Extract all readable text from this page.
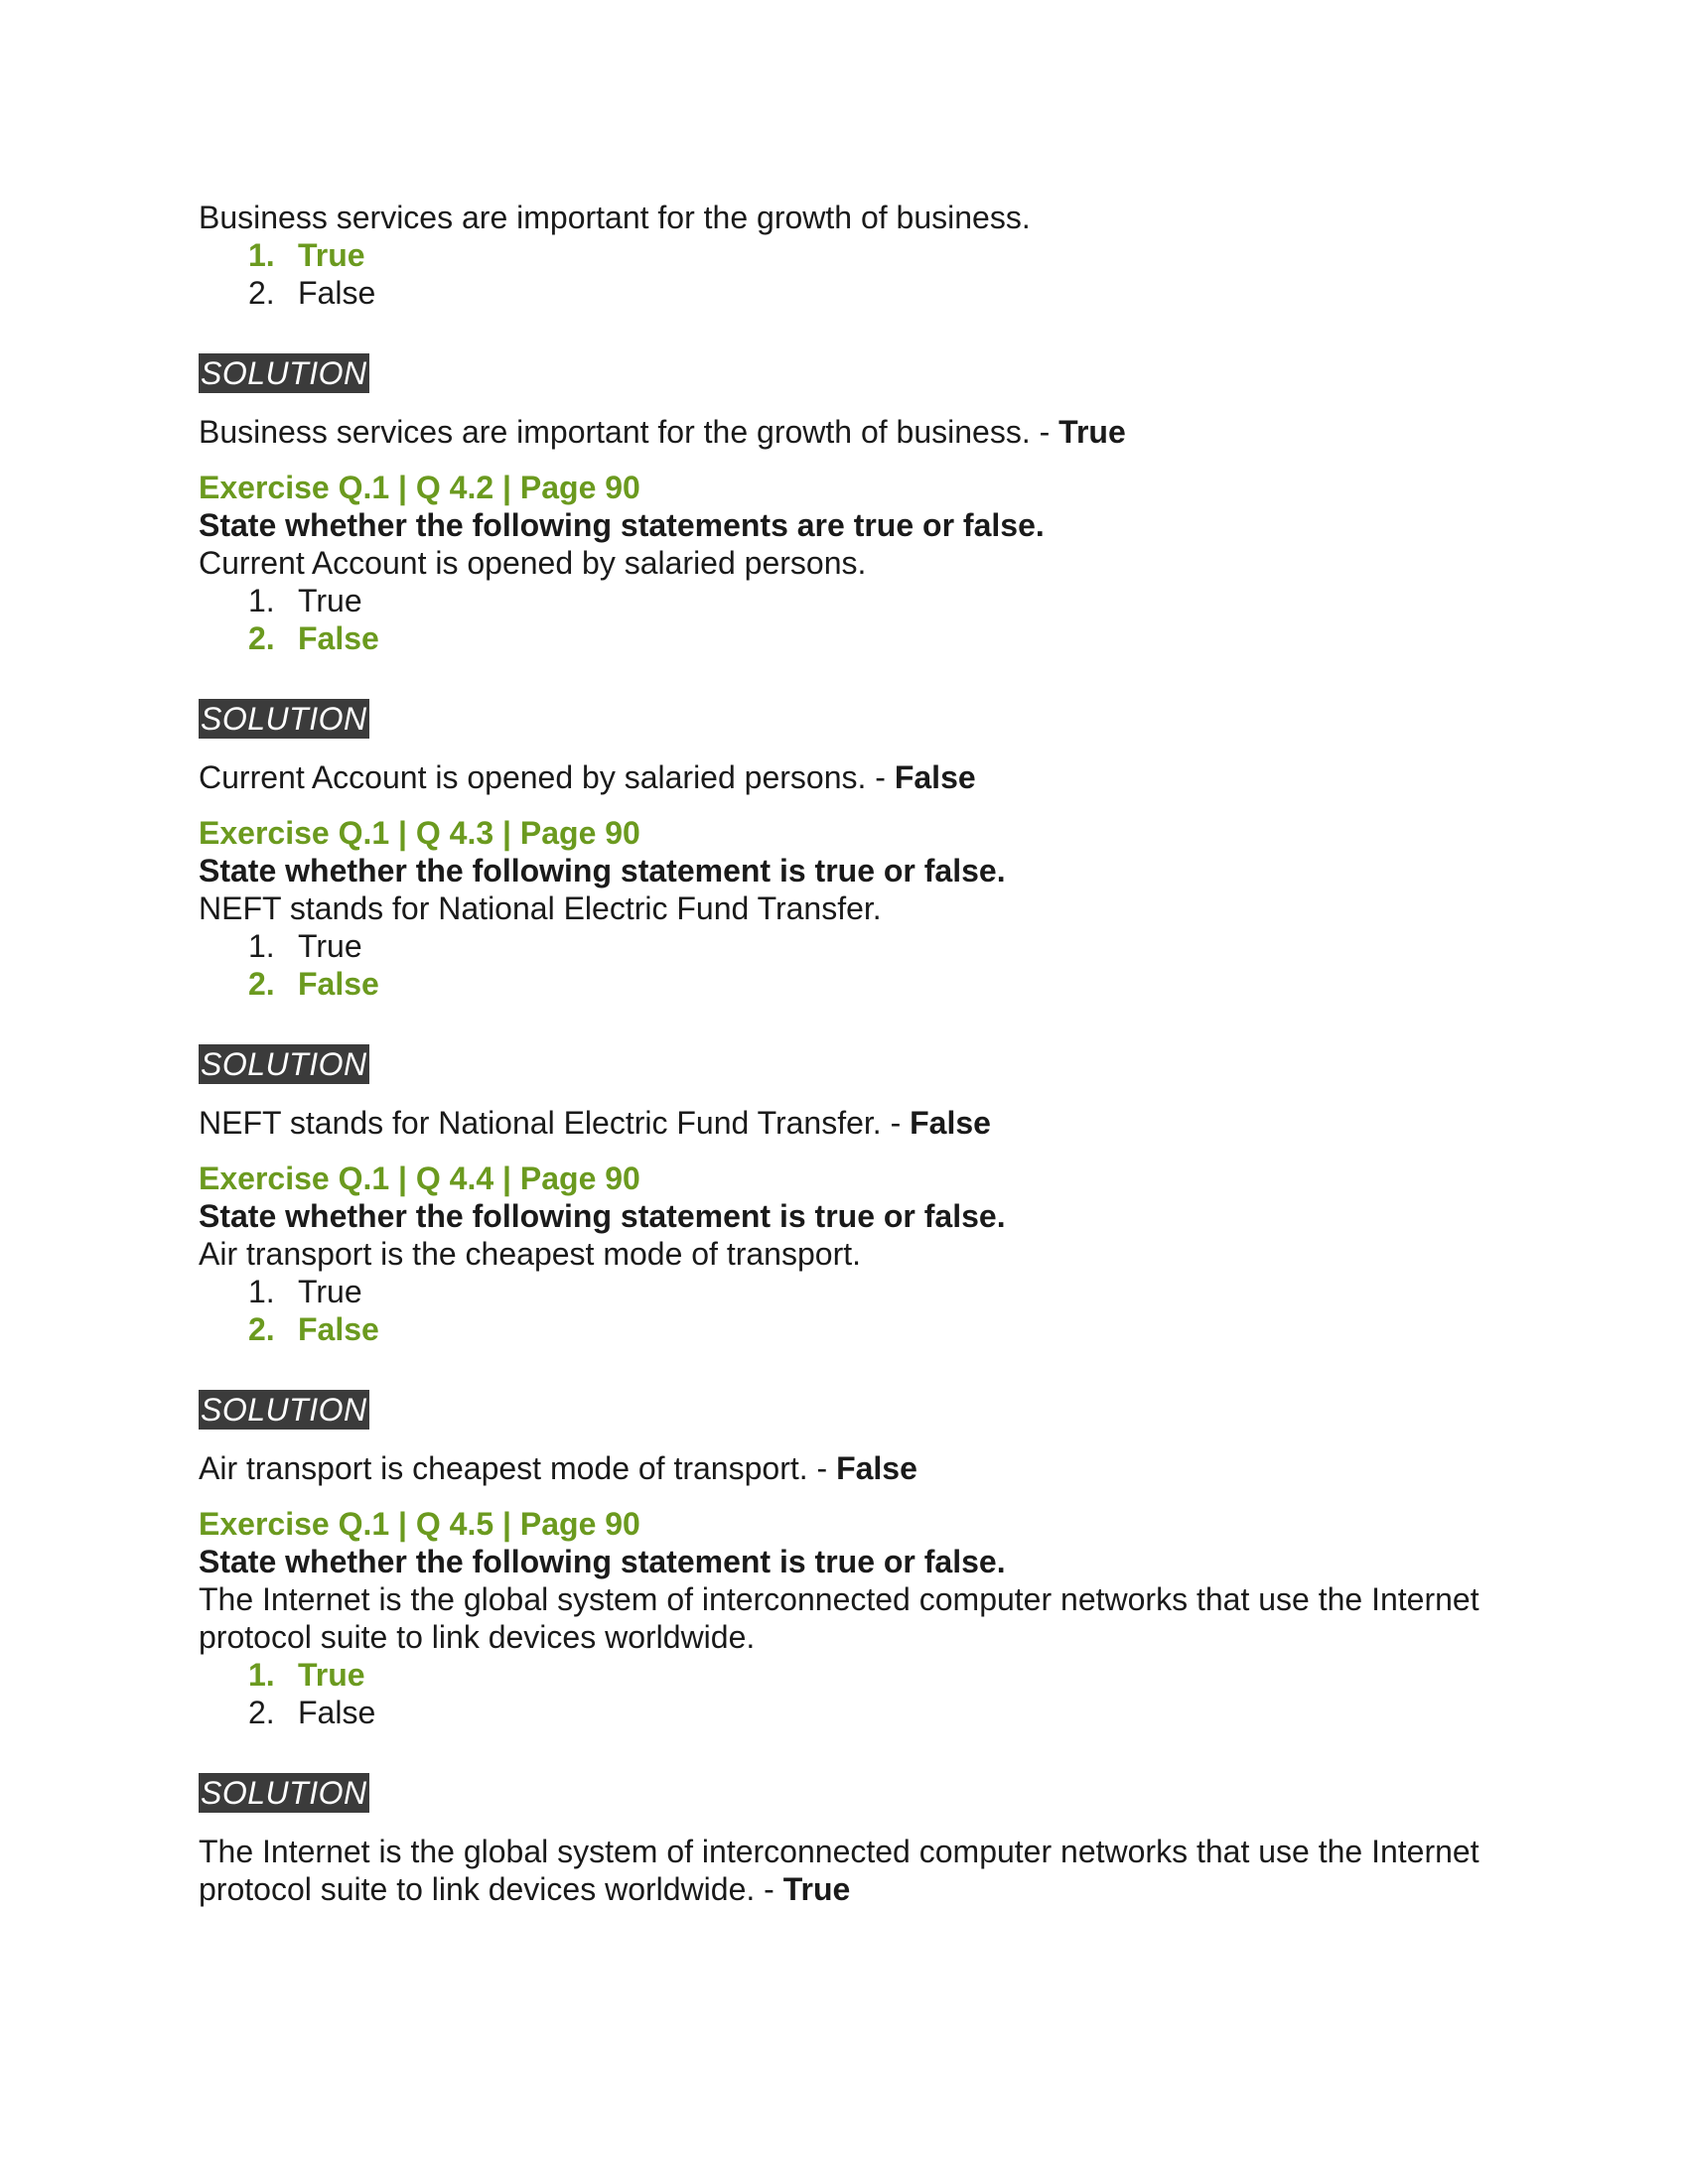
Business services are important for the growth of business.

1. True
2. False
SOLUTION

Business services are important for the growth of business. - True

Exercise Q.1 | Q 4.2 | Page 90

State whether the following statements are true or false.

Current Account is opened by salaried persons.

1. True
2. False
SOLUTION

Current Account is opened by salaried persons. - False

Exercise Q.1 | Q 4.3 | Page 90

State whether the following statement is true or false.

NEFT stands for National Electric Fund Transfer.

1. True
2. False
SOLUTION

NEFT stands for National Electric Fund Transfer. - False

Exercise Q.1 | Q 4.4 | Page 90

State whether the following statement is true or false.

Air transport is the cheapest mode of transport.

1. True
2. False
SOLUTION

Air transport is cheapest mode of transport. - False

Exercise Q.1 | Q 4.5 | Page 90

State whether the following statement is true or false.

The Internet is the global system of interconnected computer networks that use the Internet protocol suite to link devices worldwide.

1. True
2. False
SOLUTION

The Internet is the global system of interconnected computer networks that use the Internet protocol suite to link devices worldwide. - True
